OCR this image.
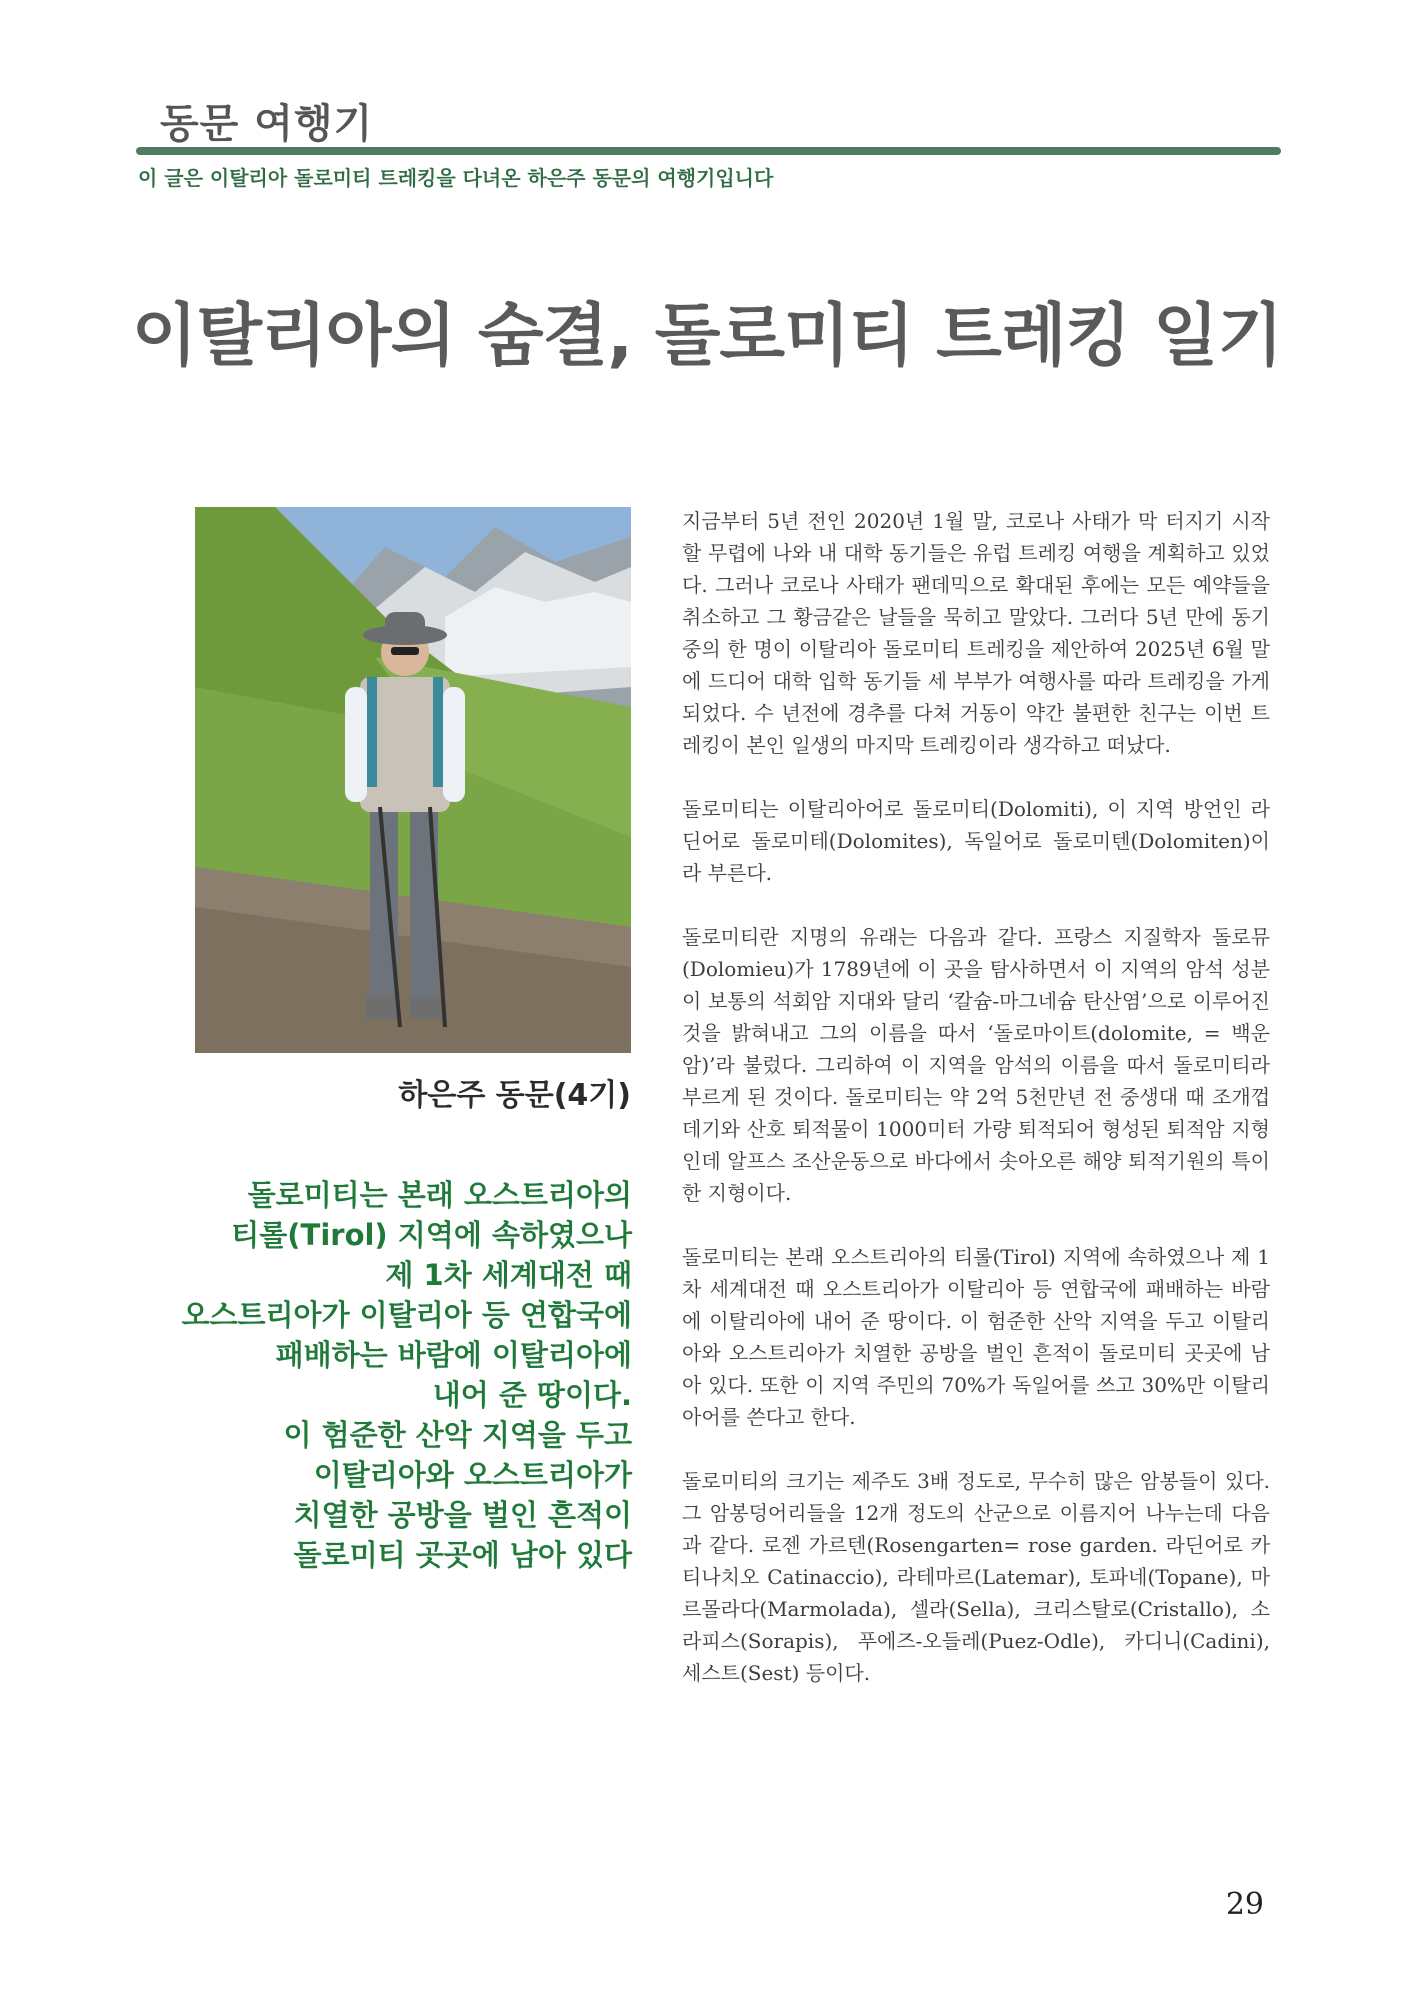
동문 여행기
이 글은 이탈리아 돌로미티 트레킹을 다녀온 하은주 동문의 여행기입니다
이탈리아의 숨결, 돌로미티 트레킹 일기
하은주 동문(4기)
돌로미티는 본래 오스트리아의
티롤(Tirol) 지역에 속하였으나
제 1차 세계대전 때
오스트리아가 이탈리아 등 연합국에
패배하는 바람에 이탈리아에
내어 준 땅이다.
이 험준한 산악 지역을 두고
이탈리아와 오스트리아가
치열한 공방을 벌인 흔적이
돌로미티 곳곳에 남아 있다

지금부터 5년 전인 2020년 1월 말, 코로나 사태가 막 터지기 시작할 무렵에 나와 내 대학 동기들은 유럽 트레킹 여행을 계획하고 있었다. 그러나 코로나 사태가 팬데믹으로 확대된 후에는 모든 예약들을 취소하고 그 황금같은 날들을 묵히고 말았다. 그러다 5년 만에 동기 중의 한 명이 이탈리아 돌로미티 트레킹을 제안하여 2025년 6월 말에 드디어 대학 입학 동기들 세 부부가 여행사를 따라 트레킹을 가게 되었다. 수 년전에 경추를 다쳐 거동이 약간 불편한 친구는 이번 트레킹이 본인 일생의 마지막 트레킹이라 생각하고 떠났다.

돌로미티는 이탈리아어로 돌로미티(Dolomiti), 이 지역 방언인 라딘어로 돌로미테(Dolomites), 독일어로 돌로미텐(Dolomiten)이라 부른다.

돌로미티란 지명의 유래는 다음과 같다. 프랑스 지질학자 돌로뮤(Dolomieu)가 1789년에 이 곳을 탐사하면서 이 지역의 암석 성분이 보통의 석회암 지대와 달리 ‘칼슘-마그네슘 탄산염’으로 이루어진 것을 밝혀내고 그의 이름을 따서 ‘돌로마이트(dolomite, = 백운암)’라 불렀다. 그리하여 이 지역을 암석의 이름을 따서 돌로미티라 부르게 된 것이다. 돌로미티는 약 2억 5천만년 전 중생대 때 조개껍데기와 산호 퇴적물이 1000미터 가량 퇴적되어 형성된 퇴적암 지형인데 알프스 조산운동으로 바다에서 솟아오른 해양 퇴적기원의 특이한 지형이다.

돌로미티는 본래 오스트리아의 티롤(Tirol) 지역에 속하였으나 제 1차 세계대전 때 오스트리아가 이탈리아 등 연합국에 패배하는 바람에 이탈리아에 내어 준 땅이다. 이 험준한 산악 지역을 두고 이탈리아와 오스트리아가 치열한 공방을 벌인 흔적이 돌로미티 곳곳에 남아 있다. 또한 이 지역 주민의 70%가 독일어를 쓰고 30%만 이탈리아어를 쓴다고 한다.

돌로미티의 크기는 제주도 3배 정도로, 무수히 많은 암봉들이 있다. 그 암봉덩어리들을 12개 정도의 산군으로 이름지어 나누는데 다음과 같다. 로젠 가르텐(Rosengarten= rose garden. 라딘어로 카티나치오 Catinaccio), 라테마르(Latemar), 토파네(Topane), 마르몰라다(Marmolada), 셀라(Sella), 크리스탈로(Cristallo), 소라피스(Sorapis), 푸에즈-오들레(Puez-Odle), 카디니(Cadini), 세스트(Sest) 등이다.

29
